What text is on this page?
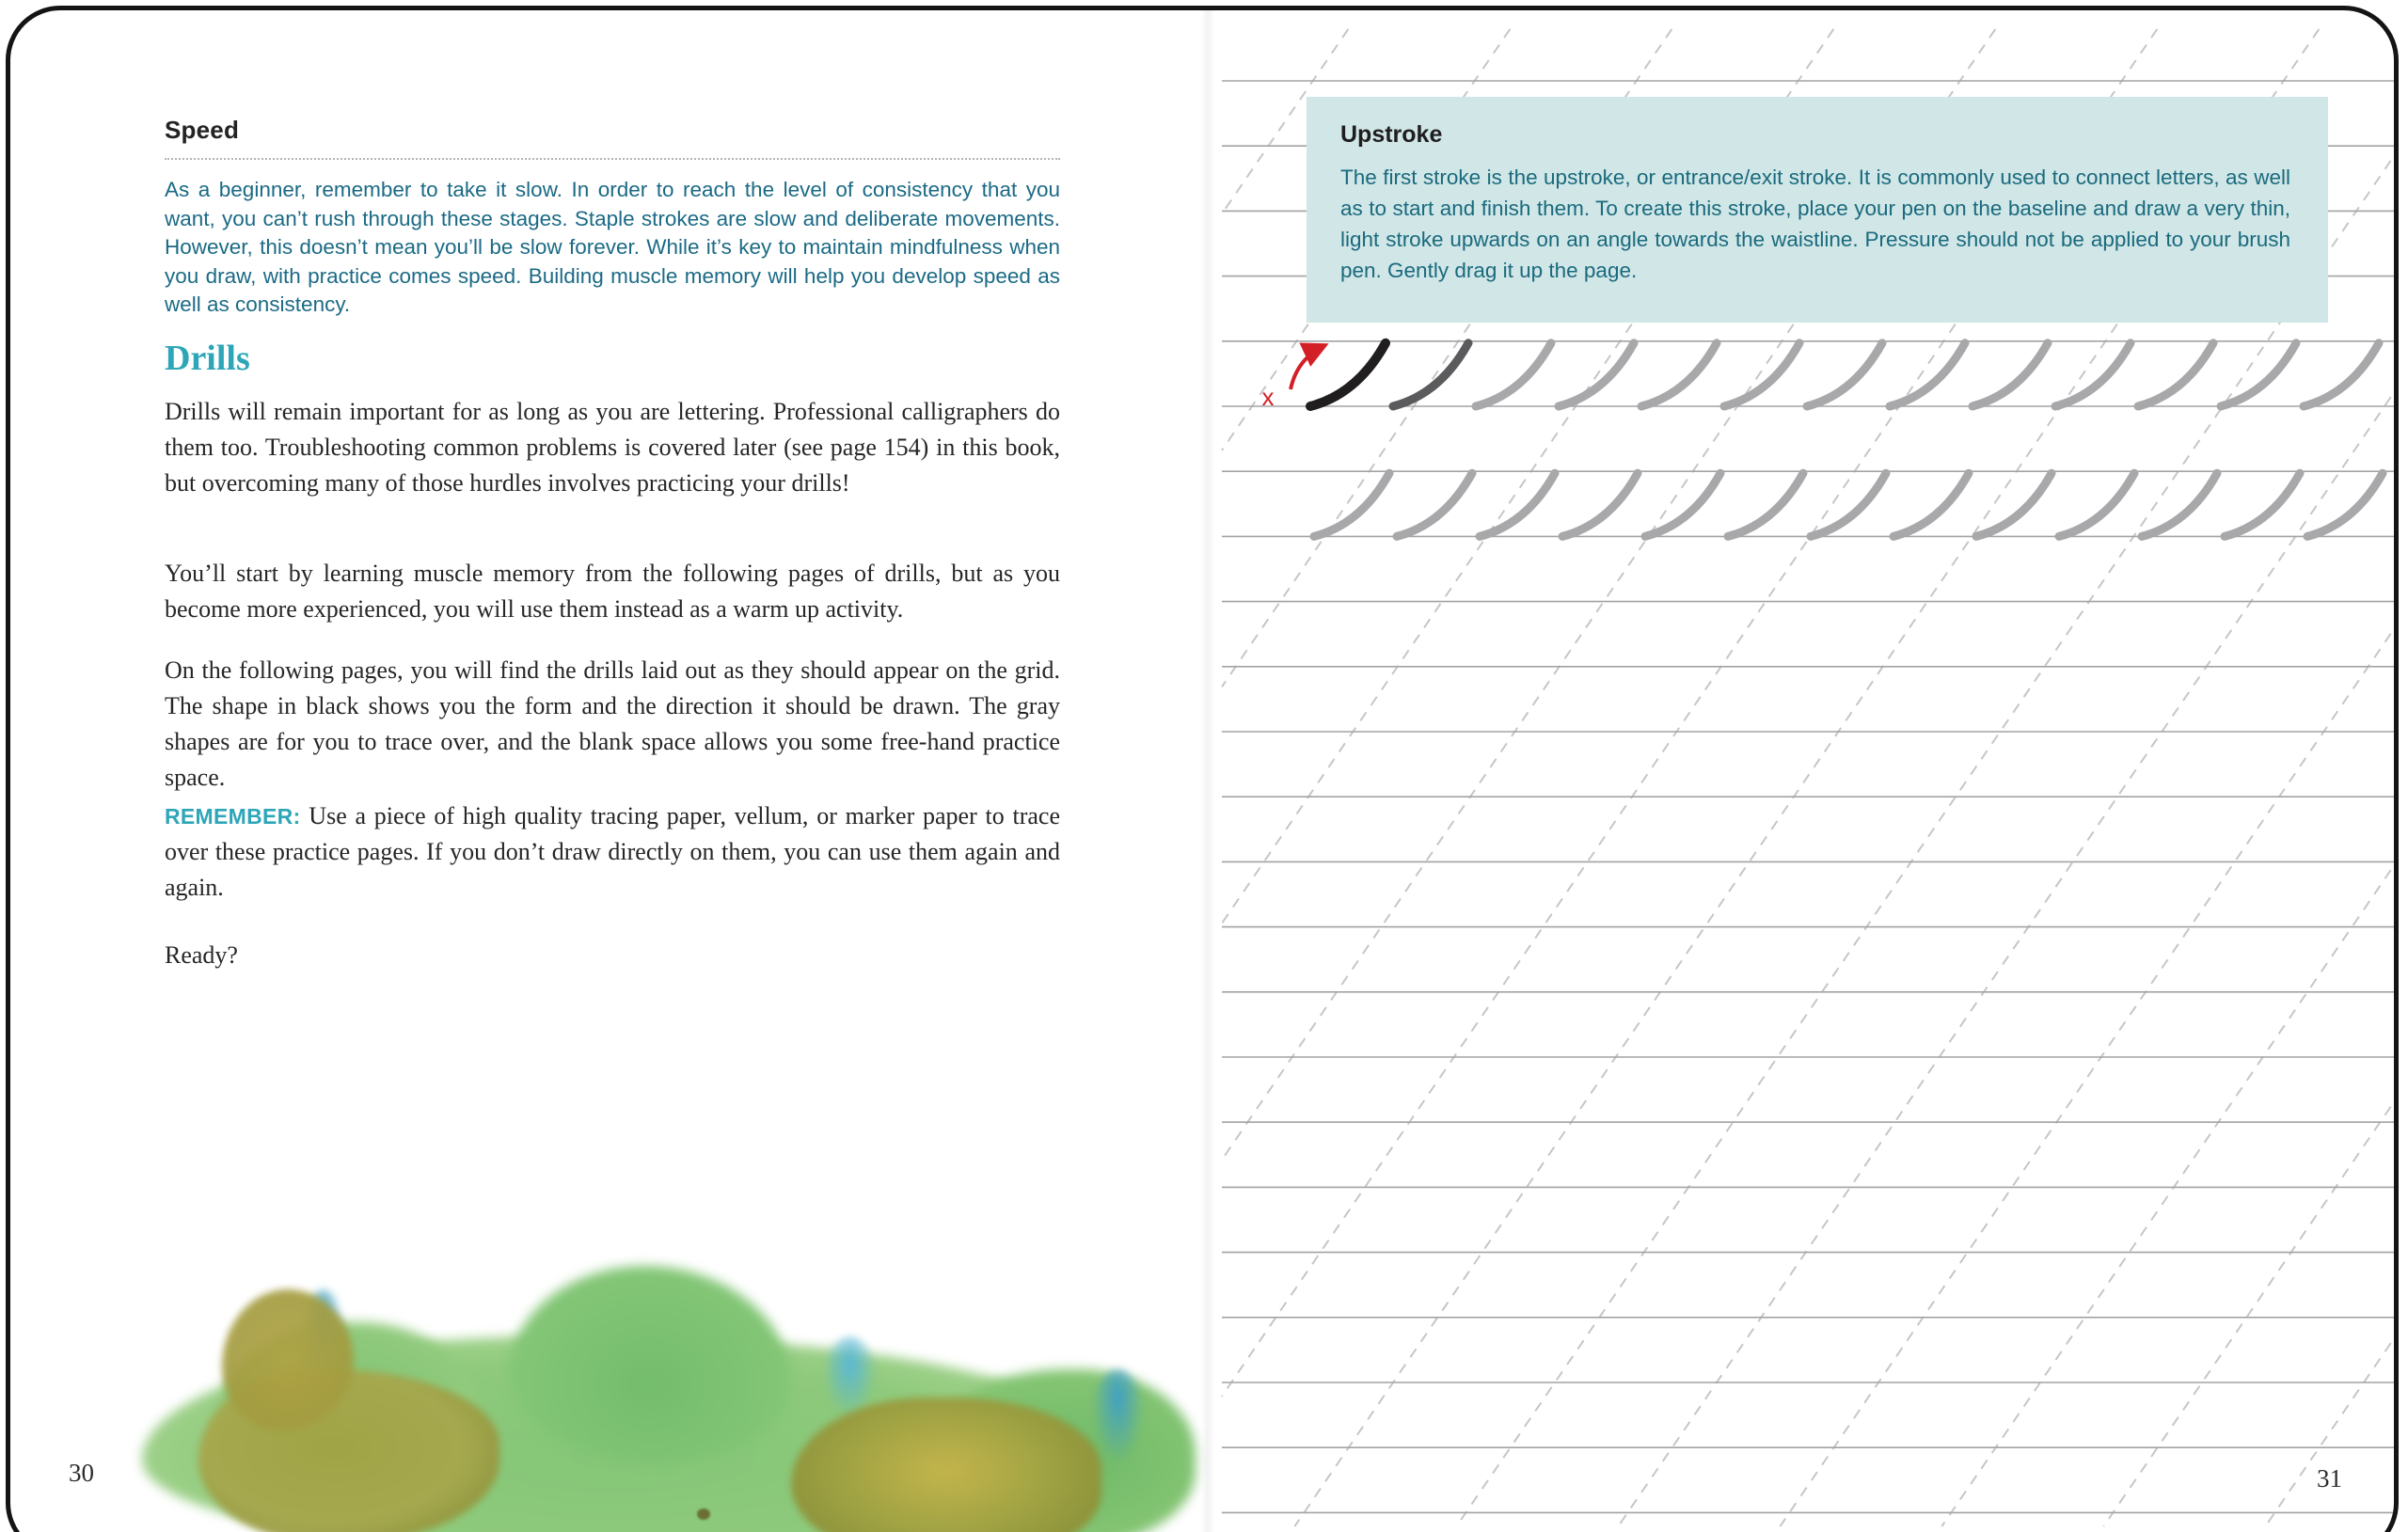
x
Speed
As a beginner, remember to take it slow. In order to reach the level of consistency that you want, you can’t rush through these stages. Staple strokes are slow and deliberate movements. However, this doesn’t mean you’ll be slow forever. While it’s key to maintain mindfulness when you draw, with practice comes speed. Building muscle memory will help you develop speed as well as consistency.
Drills
Drills will remain important for as long as you are lettering. Professional calligraphers do them too. Troubleshooting common problems is covered later (see page 154) in this book, but overcoming many of those hurdles involves practicing your drills!
You’ll start by learning muscle memory from the following pages of drills, but as you become more experienced, you will use them instead as a warm up activity.
On the following pages, you will find the drills laid out as they should appear on the grid. The shape in black shows you the form and the direction it should be drawn. The gray shapes are for you to trace over, and the blank space allows you some free-hand practice space.
REMEMBER: Use a piece of high quality tracing paper, vellum, or marker paper to trace over these practice pages. If you don’t draw directly on them, you can use them again and again.
Ready?
30
Upstroke

The first stroke is the upstroke, or entrance/exit stroke. It is commonly used to connect letters, as well as to start and finish them. To create this stroke, place your pen on the baseline and draw a very thin, light stroke upwards on an angle towards the waistline. Pressure should not be applied to your brush pen. Gently drag it up the page.

31
